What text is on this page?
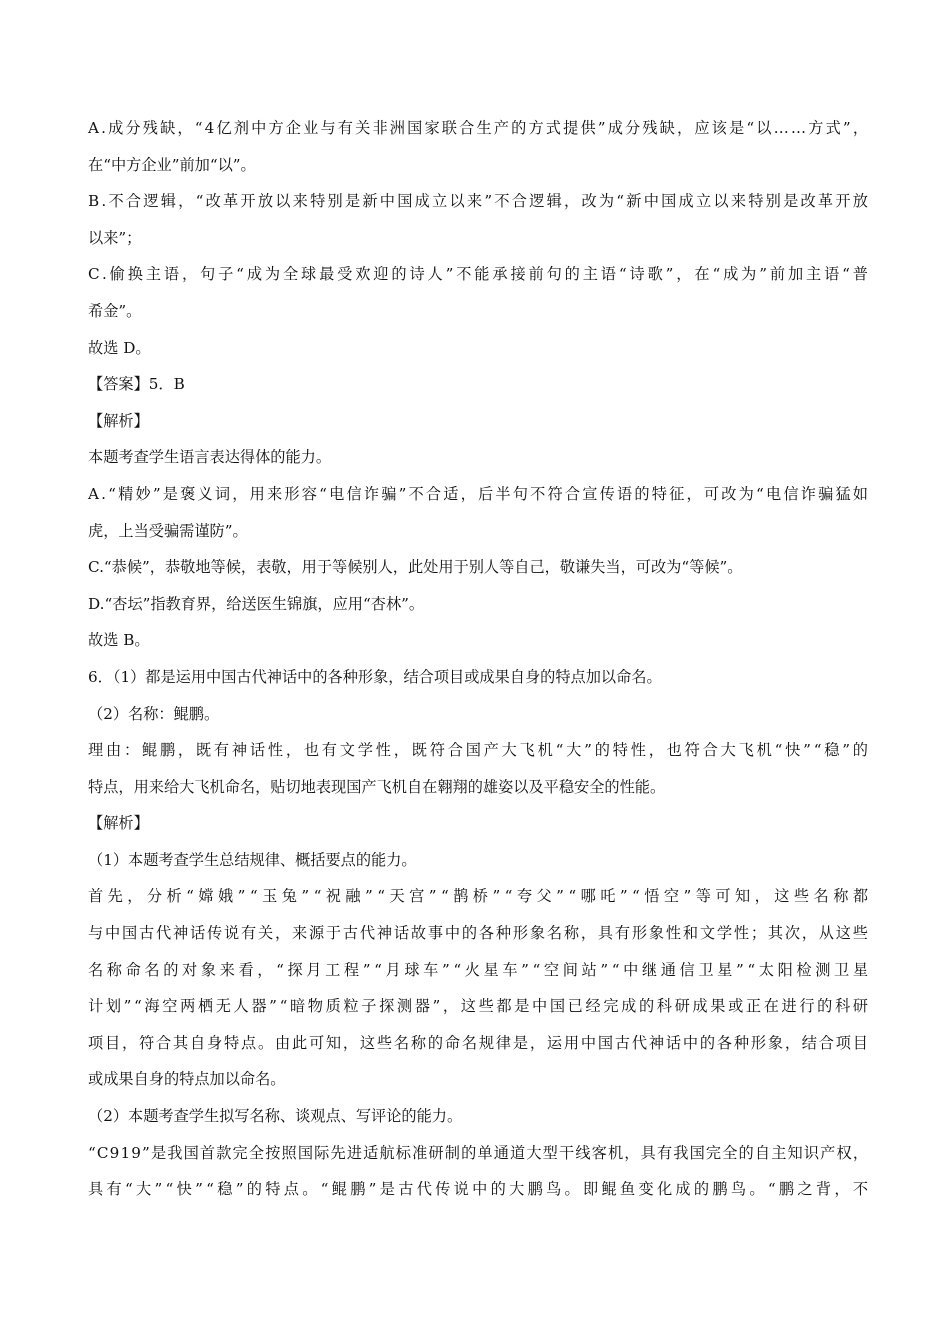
A.成分残缺，“4亿剂中方企业与有关非洲国家联合生产的方式提供”成分残缺，应该是“以……方式”，
在“中方企业”前加“以”。
B.不合逻辑，“改革开放以来特别是新中国成立以来”不合逻辑，改为“新中国成立以来特别是改革开放
以来”；
C.偷换主语，句子“成为全球最受欢迎的诗人”不能承接前句的主语“诗歌”，在“成为”前加主语“普
希金”。
故选 D。
【答案】5．B
【解析】
本题考查学生语言表达得体的能力。
A.“精妙”是褒义词，用来形容“电信诈骗”不合适，后半句不符合宣传语的特征，可改为“电信诈骗猛如
虎，上当受骗需谨防”。
C.“恭候”，恭敬地等候，表敬，用于等候别人，此处用于别人等自己，敬谦失当，可改为“等候”。
D.“杏坛”指教育界，给送医生锦旗，应用“杏林”。
故选 B。
6．（1）都是运用中国古代神话中的各种形象，结合项目或成果自身的特点加以命名。
（2）名称：鲲鹏。
理由：鲲鹏，既有神话性，也有文学性，既符合国产大飞机“大”的特性，也符合大飞机“快”“稳”的
特点，用来给大飞机命名，贴切地表现国产飞机自在翱翔的雄姿以及平稳安全的性能。
【解析】
（1）本题考查学生总结规律、概括要点的能力。
首先，分析“嫦娥”“玉兔”“祝融”“天宫”“鹊桥”“夸父”“哪吒”“悟空”等可知，这些名称都
与中国古代神话传说有关，来源于古代神话故事中的各种形象名称，具有形象性和文学性；其次，从这些
名称命名的对象来看，“探月工程”“月球车”“火星车”“空间站”“中继通信卫星”“太阳检测卫星
计划”“海空两栖无人器”“暗物质粒子探测器”，这些都是中国已经完成的科研成果或正在进行的科研
项目，符合其自身特点。由此可知，这些名称的命名规律是，运用中国古代神话中的各种形象，结合项目
或成果自身的特点加以命名。
（2）本题考查学生拟写名称、谈观点、写评论的能力。
“C919”是我国首款完全按照国际先进适航标准研制的单通道大型干线客机，具有我国完全的自主知识产权，
具有“大”“快”“稳”的特点。“鲲鹏”是古代传说中的大鹏鸟。即鲲鱼变化成的鹏鸟。“鹏之背，不
